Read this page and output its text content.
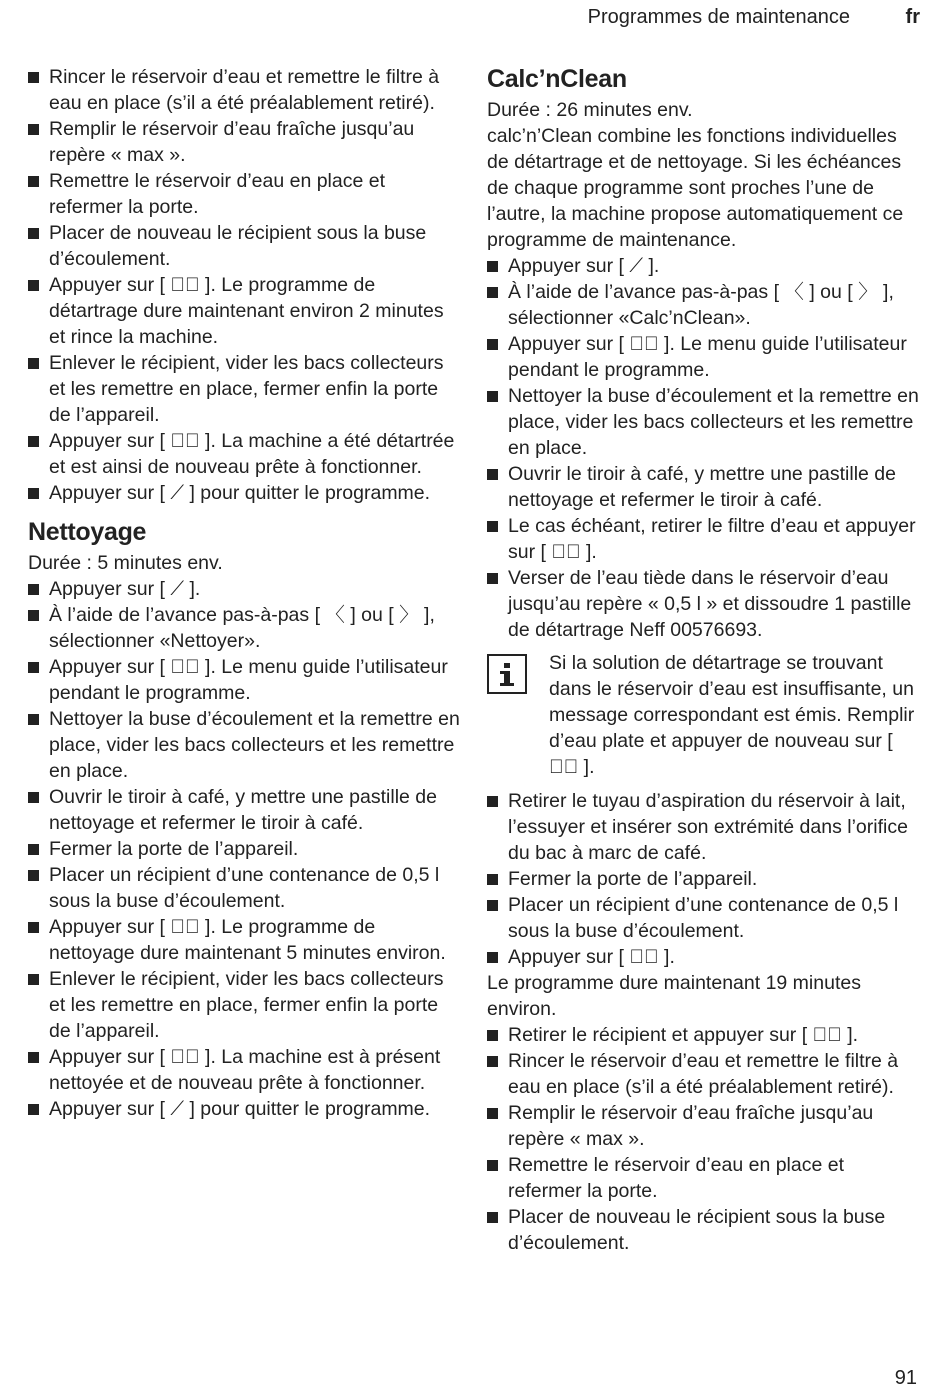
Programmes de maintenance	fr
Rincer le réservoir d’eau et remettre le filtre à eau en place (s’il a été préalablement retiré).
Remplir le réservoir d’eau fraîche jusqu’au repère « max ».
Remettre le réservoir d’eau en place et refermer la porte.
Placer de nouveau le récipient sous la buse d’écoulement.
Appuyer sur [ ▷⃞ ]. Le programme de détartrage dure maintenant environ 2 minutes et rince la machine.
Enlever le récipient, vider les bacs collecteurs et les remettre en place, fermer enfin la porte de l’appareil.
Appuyer sur [ ▷⃞ ]. La machine a été détartrée et est ainsi de nouveau prête à fonctionner.
Appuyer sur [ ⟋ ] pour quitter le programme.
Nettoyage

Durée : 5 minutes env.

Appuyer sur [ ⟋ ].
À l’aide de l’avance pas-à-pas [ 〈 ] ou [ 〉 ], sélectionner «Nettoyer».
Appuyer sur [ ▷⃞ ]. Le menu guide l’utilisateur pendant le programme.
Nettoyer la buse d’écoulement et la remettre en place, vider les bacs collecteurs et les remettre en place.
Ouvrir le tiroir à café, y mettre une pastille de nettoyage et refermer le tiroir à café.
Fermer la porte de l’appareil.
Placer un récipient d’une contenance de 0,5 l sous la buse d’écoulement.
Appuyer sur [ ▷⃞ ]. Le programme de nettoyage dure maintenant 5 minutes environ.
Enlever le récipient, vider les bacs collecteurs et les remettre en place, fermer enfin la porte de l’appareil.
Appuyer sur [ ▷⃞ ]. La machine est à présent nettoyée et de nouveau prête à fonctionner.
Appuyer sur [ ⟋ ] pour quitter le programme.
Calc’nClean

Durée : 26 minutes env.

calc’n’Clean combine les fonctions individuelles de détartrage et de nettoyage. Si les échéances de chaque programme sont proches l’une de l’autre, la machine propose automatiquement ce programme de maintenance.

Appuyer sur [ ⟋ ].
À l’aide de l’avance pas-à-pas [ 〈 ] ou [ 〉 ], sélectionner «Calc’nClean».
Appuyer sur [ ▷⃞ ]. Le menu guide l’utilisateur pendant le programme.
Nettoyer la buse d’écoulement et la remettre en place, vider les bacs collecteurs et les remettre en place.
Ouvrir le tiroir à café, y mettre une pastille de nettoyage et refermer le tiroir à café.
Le cas échéant, retirer le filtre d’eau et appuyer sur [ ▷⃞ ].
Verser de l’eau tiède dans le réservoir d’eau jusqu’au repère « 0,5 l » et dissoudre 1 pastille de détartrage Neff 00576693.

Si la solution de détartrage se trouvant dans le réservoir d’eau est insuffisante, un message correspondant est émis. Remplir d’eau plate et appuyer de nouveau sur [ ▷⃞ ].

Retirer le tuyau d’aspiration du réservoir à lait, l’essuyer et insérer son extrémité dans l’orifice du bac à marc de café.
Fermer la porte de l’appareil.
Placer un récipient d’une contenance de 0,5 l sous la buse d’écoulement.
Appuyer sur [ ▷⃞ ].

Le programme dure maintenant 19 minutes environ.

Retirer le récipient et appuyer sur [ ▷⃞ ].
Rincer le réservoir d’eau et remettre le filtre à eau en place (s’il a été préalablement retiré).
Remplir le réservoir d’eau fraîche jusqu’au repère « max ».
Remettre le réservoir d’eau en place et refermer la porte.
Placer de nouveau le récipient sous la buse d’écoulement.
91
